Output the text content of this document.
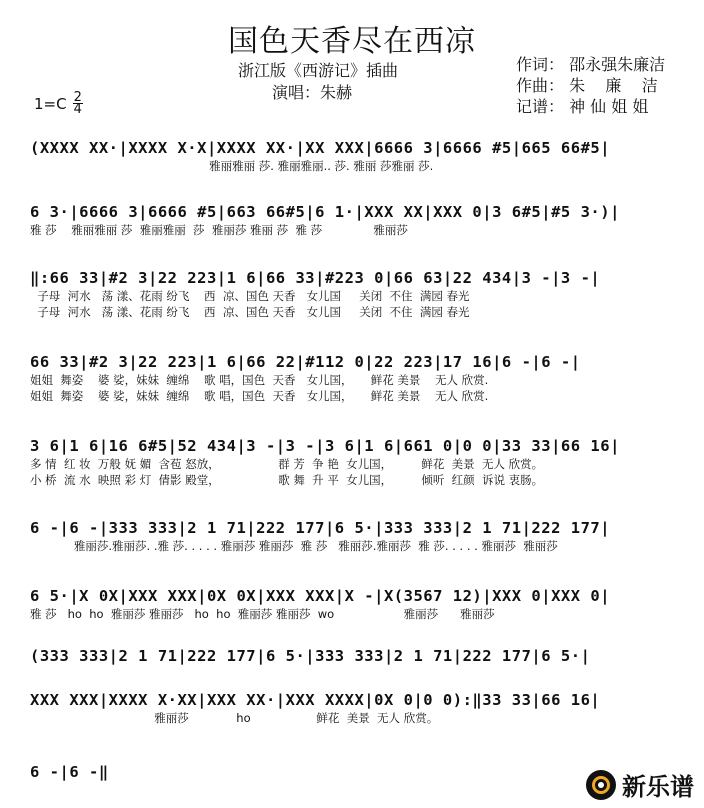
国色天香尽在西凉
浙江版《西游记》插曲
演唱：朱赫
作词： 邵永强朱廉洁
作曲： 朱    廉    洁
记谱： 神 仙 姐 姐
1=C 2
4
(XXXX XX·|XXXX X·X|XXXX XX·|XX XXX|6666 3|6666 #5|665 66#5|
雅丽雅丽 莎. 雅丽雅丽.. 莎. 雅丽 莎雅丽 莎.
6 3·|6666 3|6666 #5|663 66#5|6 1·|XXX XX|XXX 0|3 6#5|#5 3·)|
雅 莎    雅丽雅丽 莎  雅丽雅丽  莎  雅丽莎 雅丽 莎  雅 莎              雅丽莎
‖:66 33|#2 3|22 223|1 6|66 33|#223 0|66 63|22 434|3 -|3 -|
子母  河水   荡 漾、花雨 纷飞    西  凉、国色 天香   女儿国     关闭  不住  满园 春光
子母  河水   荡 漾、花雨 纷飞    西  凉、国色 天香   女儿国     关闭  不住  满园 春光
66 33|#2 3|22 223|1 6|66 22|#112 0|22 223|17 16|6 -|6 -|
姐姐  舞姿    婆 娑，妹妹  缠绵    歌 唱，国色  天香   女儿国，     鲜花 美景    无人 欣赏.
姐姐  舞姿    婆 娑，妹妹  缠绵    歌 唱，国色  天香   女儿国，     鲜花 美景    无人 欣赏.
3 6|1 6|16 6#5|52 434|3 -|3 -|3 6|1 6|661 0|0 0|33 33|66 16|
多 情  红 妆  万般 妩 媚  含苞 怒放，                群 芳  争 艳  女儿国，        鲜花  美景  无人 欣赏。
小 桥  流 水  映照 彩 灯  倩影 殿堂，                歌 舞  升 平  女儿国，        倾听  红颜  诉说 衷肠。
6 -|6 -|333 333|2 1 71|222 177|6 5·|333 333|2 1 71|222 177|
雅丽莎.雅丽莎. .雅 莎. . . . . 雅丽莎 雅丽莎  雅 莎   雅丽莎.雅丽莎  雅 莎. . . . . 雅丽莎  雅丽莎
6 5·|X 0X|XXX XXX|0X 0X|XXX XXX|X -|X(3567 12)|XXX 0|XXX 0|
雅 莎   ho  ho  雅丽莎 雅丽莎   ho  ho  雅丽莎 雅丽莎  wo                   雅丽莎      雅丽莎
(333 333|2 1 71|222 177|6 5·|333 333|2 1 71|222 177|6 5·|
XXX XXX|XXXX X·XX|XXX XX·|XXX XXXX|0X 0|0 0):‖33 33|66 16|
雅丽莎             ho                  鲜花  美景  无人 欣赏。
6 -|6 -‖
新乐谱
